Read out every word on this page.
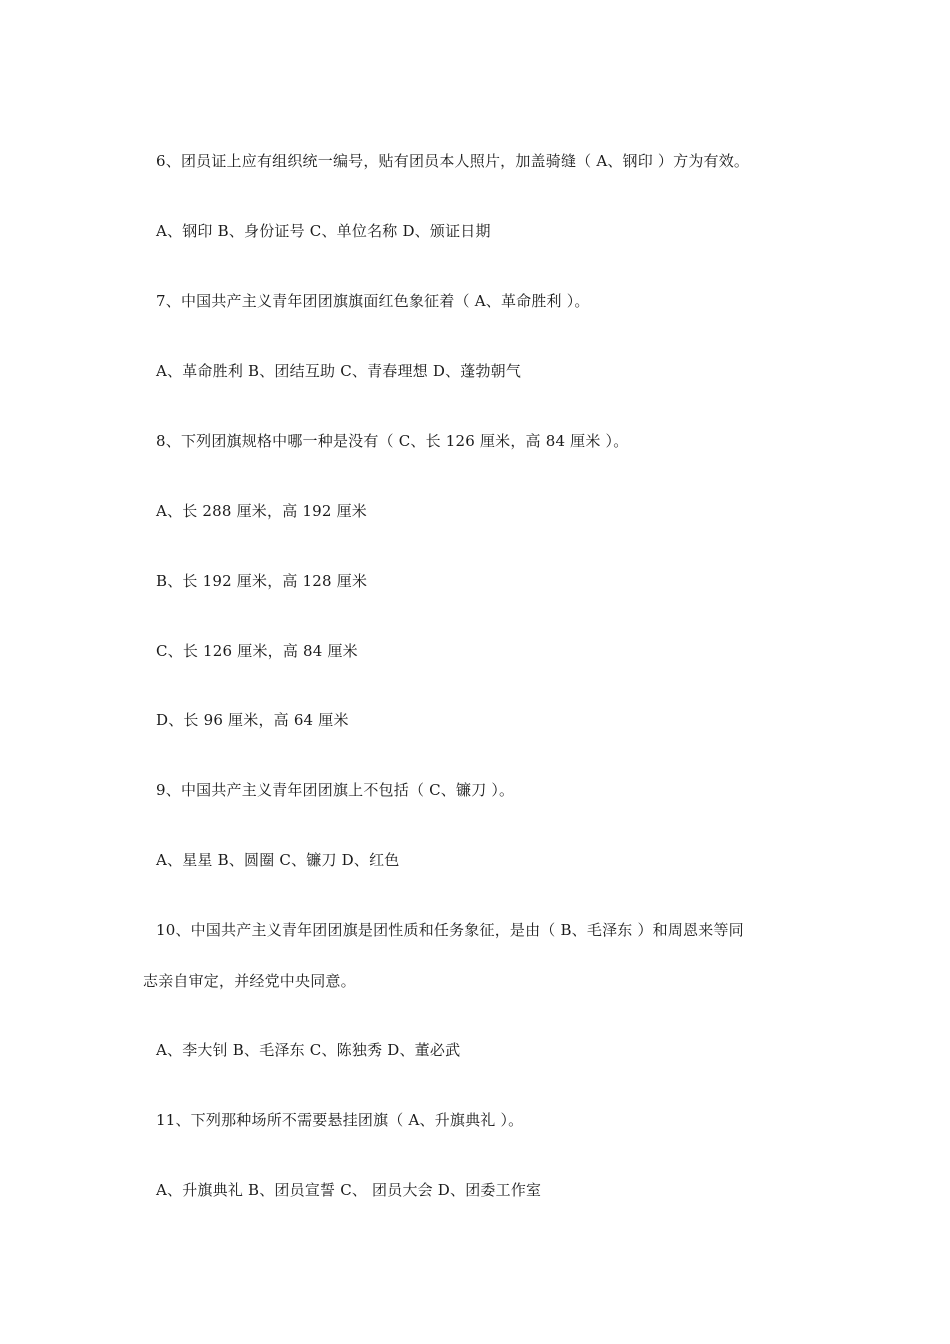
6、团员证上应有组织统一编号，贴有团员本人照片，加盖骑缝（ A、钢印 ）方为有效。
A、钢印 B、身份证号 C、单位名称 D、颁证日期
7、中国共产主义青年团团旗旗面红色象征着（ A、革命胜利 ）。
A、革命胜利 B、团结互助 C、青春理想 D、蓬勃朝气
8、下列团旗规格中哪一种是没有（ C、长 126 厘米，高 84 厘米 ）。
A、长 288 厘米，高 192 厘米
B、长 192 厘米，高 128 厘米
C、长 126 厘米，高 84 厘米
D、长 96 厘米，高 64 厘米
9、中国共产主义青年团团旗上不包括（ C、镰刀 ）。
A、星星 B、圆圈 C、镰刀 D、红色
10、中国共产主义青年团团旗是团性质和任务象征，是由（ B、毛泽东 ）和周恩来等同
志亲自审定，并经党中央同意。
A、李大钊 B、毛泽东 C、陈独秀 D、董必武
11、下列那种场所不需要悬挂团旗（ A、升旗典礼 ）。
A、升旗典礼 B、团员宣誓 C、 团员大会 D、团委工作室
